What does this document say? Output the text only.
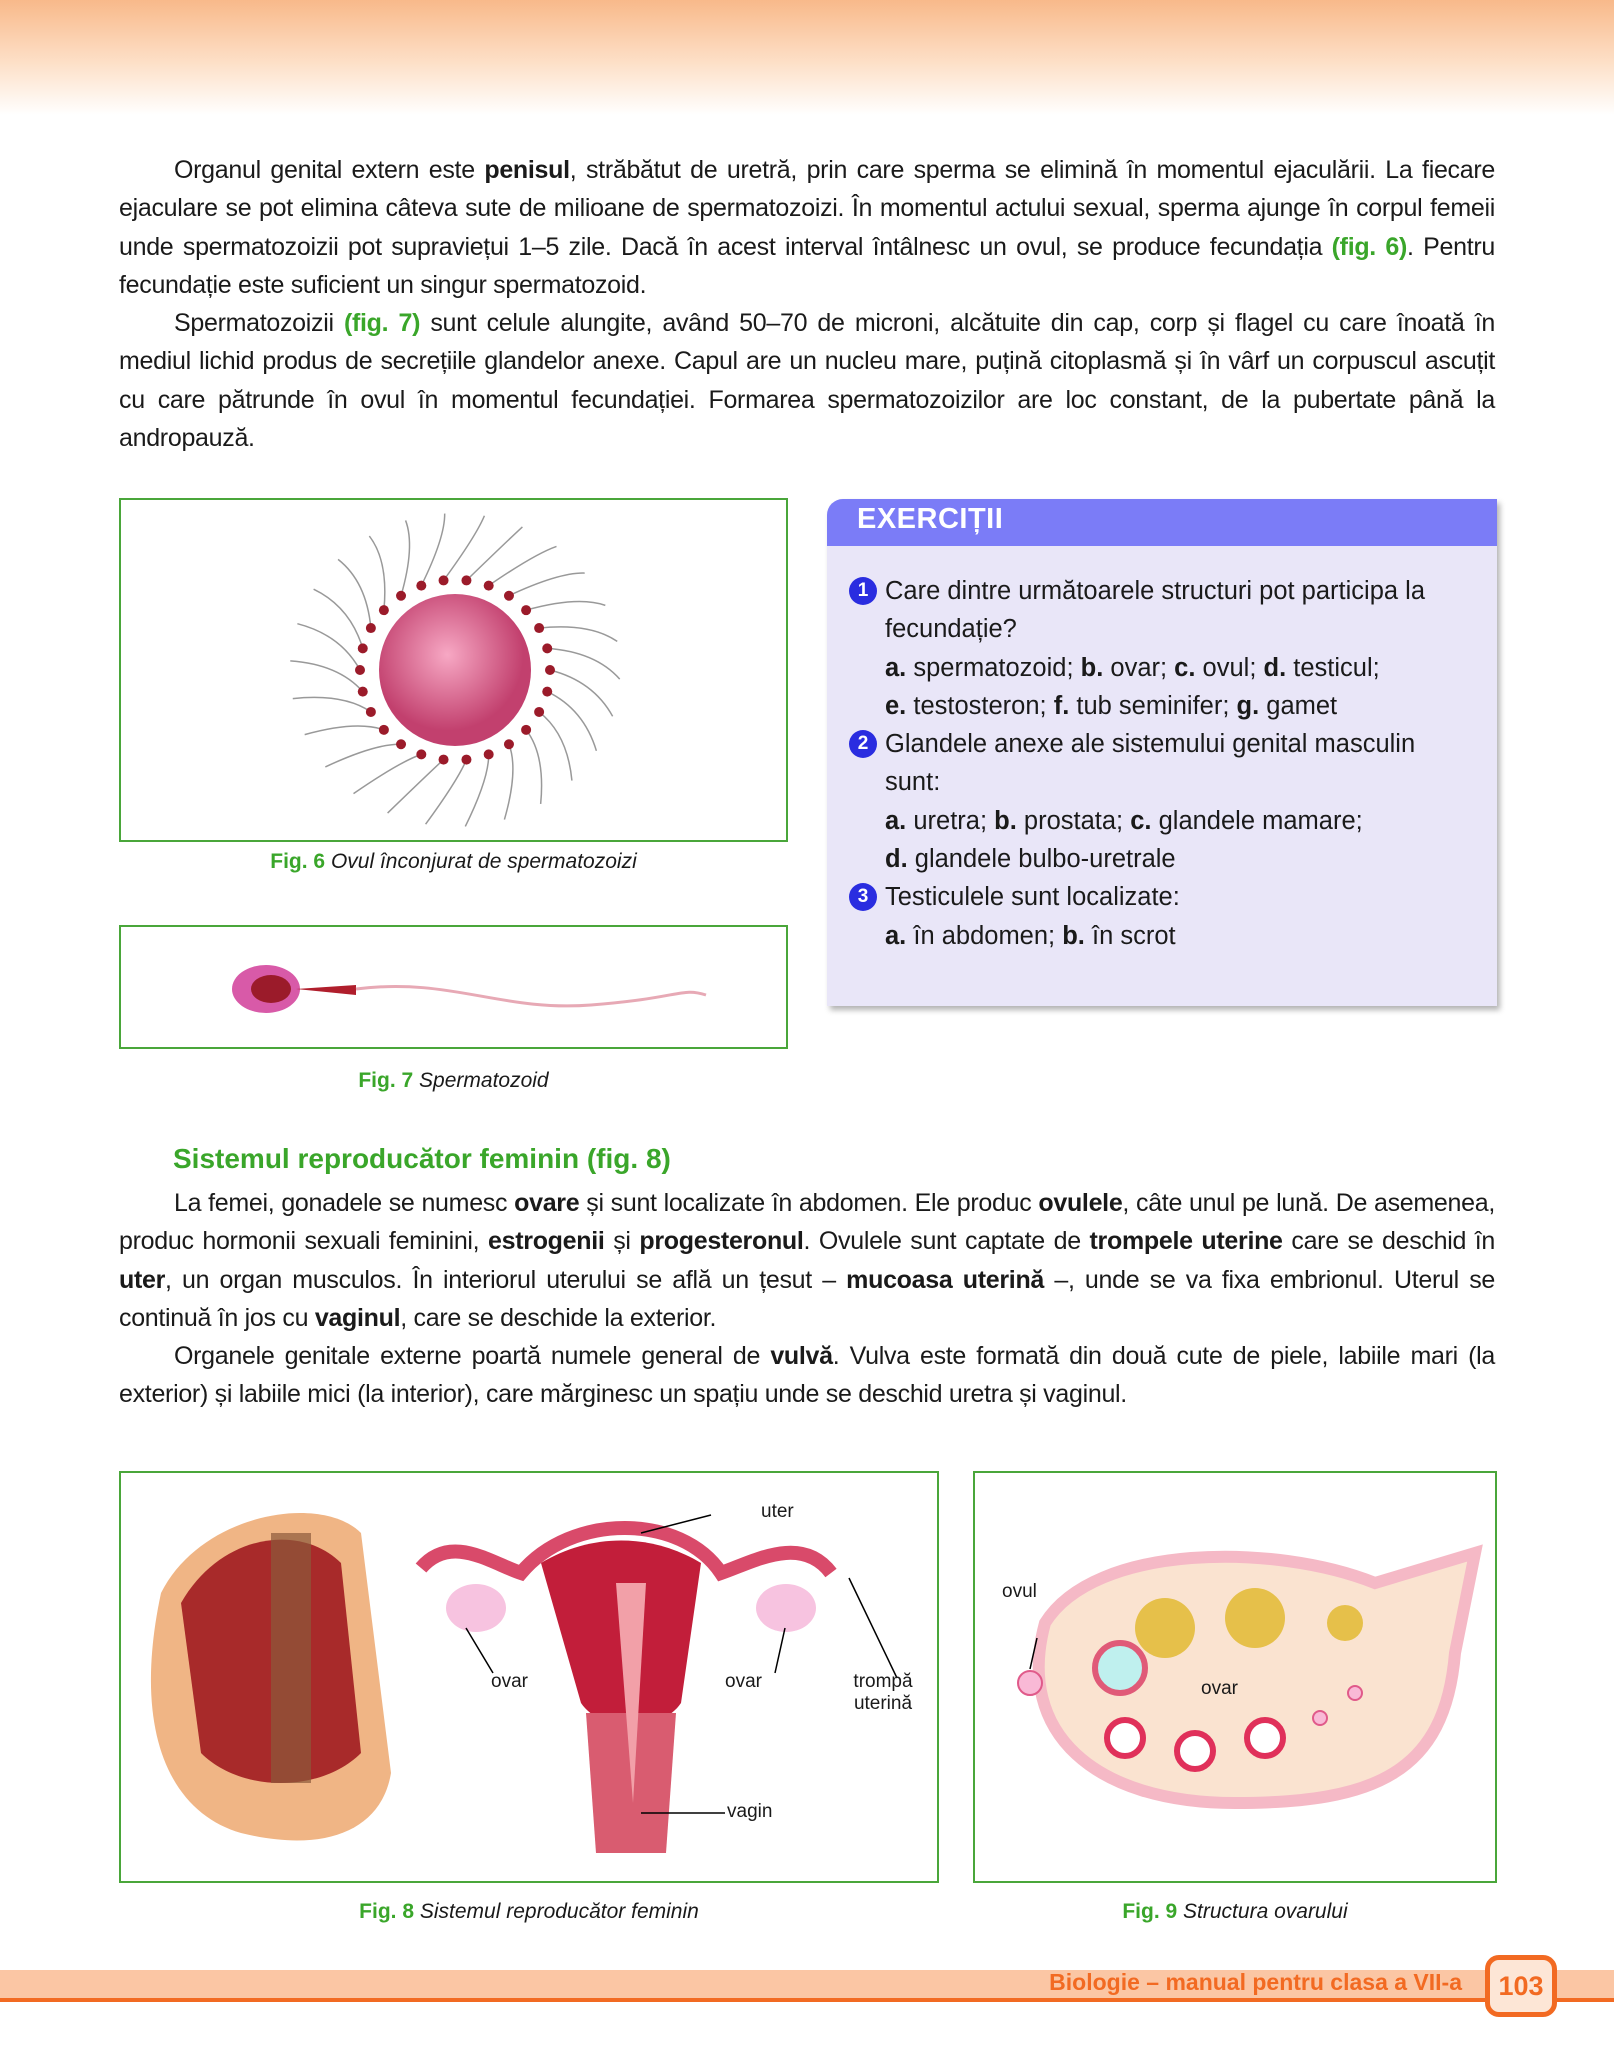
Organul genital extern este penisul, străbătut de uretră, prin care sperma se elimină în momentul ejaculării. La fiecare ejaculare se pot elimina câteva sute de milioane de spermatozoizi. În momentul actului sexual, sperma ajunge în corpul femeii unde spermatozoizii pot supraviețui 1–5 zile. Dacă în acest interval întâlnesc un ovul, se produce fecundația (fig. 6). Pentru fecundație este suficient un singur spermatozoid.

Spermatozoizii (fig. 7) sunt celule alungite, având 50–70 de microni, alcătuite din cap, corp și flagel cu care înoată în mediul lichid produs de secrețiile glandelor anexe. Capul are un nucleu mare, puțină citoplasmă și în vârf un corpuscul ascuțit cu care pătrunde în ovul în momentul fecundației. Formarea spermatozoizilor are loc constant, de la pubertate până la andropauză.

Fig. 6 Ovul înconjurat de spermatozoizi
Fig. 7 Spermatozoid
EXERCIȚII
1 Care dintre următoarele structuri pot participa la fecundație?
a. spermatozoid; b. ovar; c. ovul; d. testicul;
e. testosteron; f. tub seminifer; g. gamet
2 Glandele anexe ale sistemului genital masculin sunt:
a. uretra; b. prostata; c. glandele mamare;
d. glandele bulbo-uretrale
3 Testiculele sunt localizate:
a. în abdomen; b. în scrot
Sistemul reproducător feminin (fig. 8)

La femei, gonadele se numesc ovare și sunt localizate în abdomen. Ele produc ovulele, câte unul pe lună. De asemenea, produc hormonii sexuali feminini, estrogenii și progesteronul. Ovulele sunt captate de trompele uterine care se deschid în uter, un organ musculos. În interiorul uterului se află un țesut – mucoasa uterină –, unde se va fixa embrionul. Uterul se continuă în jos cu vaginul, care se deschide la exterior.

Organele genitale externe poartă numele general de vulvă. Vulva este formată din două cute de piele, labiile mari (la exterior) și labiile mici (la interior), care mărginesc un spațiu unde se deschid uretra și vaginul.

uter
ovar	ovar	trompă uterină
vagin
Fig. 8 Sistemul reproducător feminin
ovul
ovar
Fig. 9 Structura ovarului
Biologie – manual pentru clasa a VII-a	103
